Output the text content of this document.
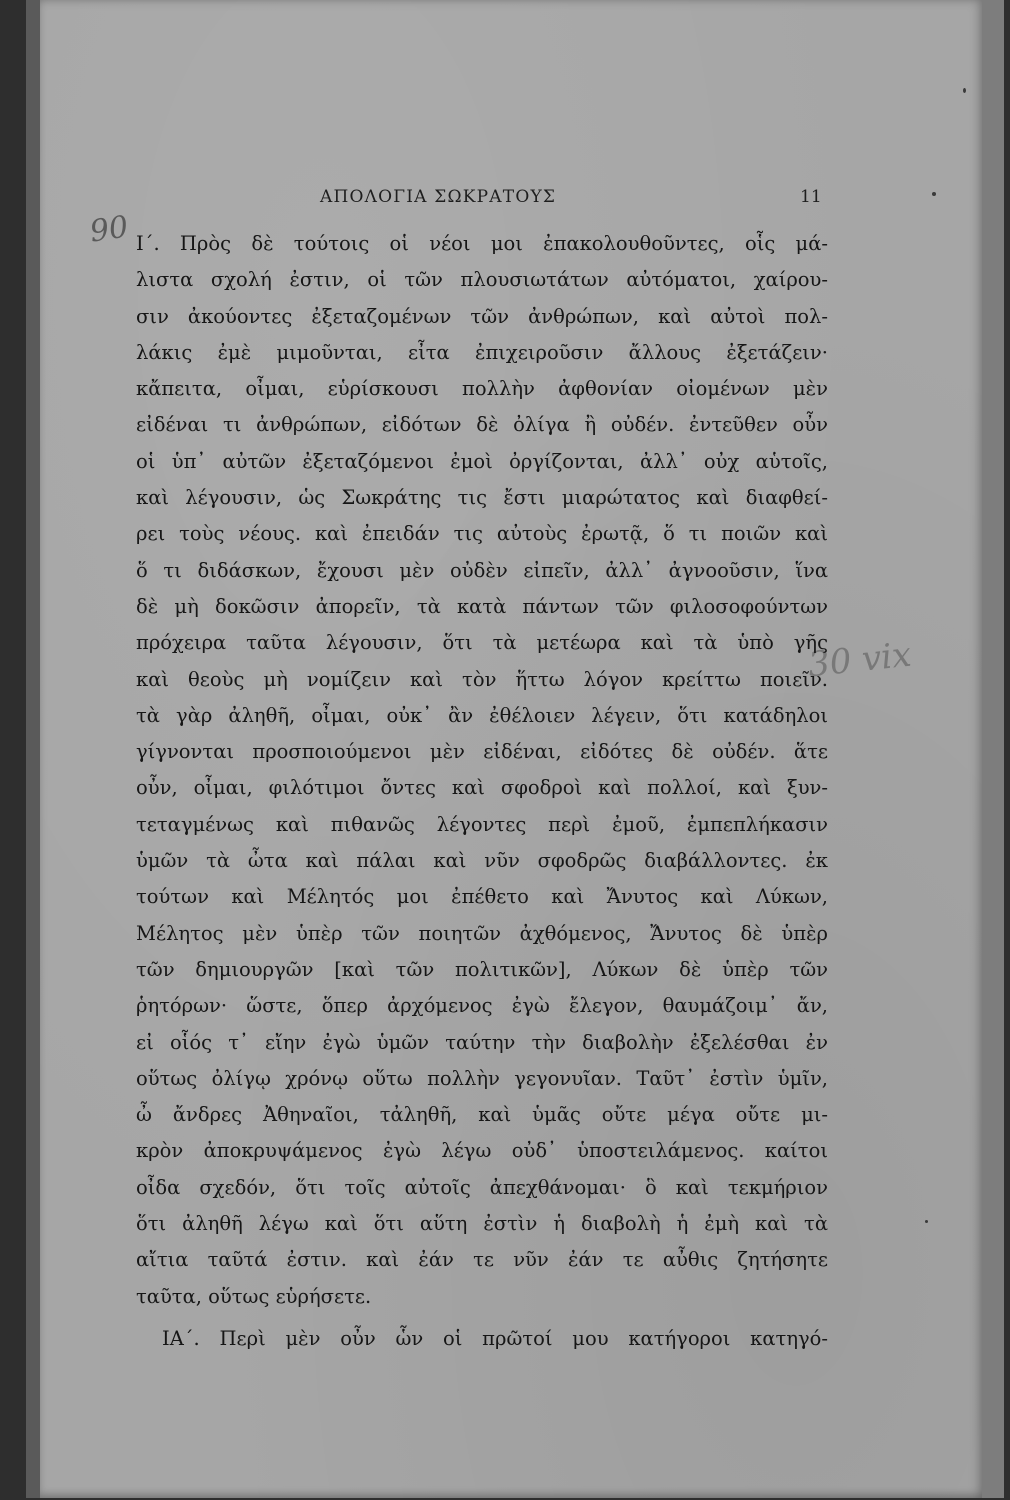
ΑΠΟΛΟΓΙΑ ΣΩΚΡΑΤΟΥΣ	11
90
30 vix
Ι΄. Πρὸς δὲ τούτοις οἱ νέοι μοι ἐπακολουθοῦντες, οἷς μά-
λιστα σχολή ἐστιν, οἱ τῶν πλουσιωτάτων αὐτόματοι, χαίρου-
σιν ἀκούοντες ἐξεταζομένων τῶν ἀνθρώπων, καὶ αὐτοὶ πολ-
λάκις ἐμὲ μιμοῦνται, εἶτα ἐπιχειροῦσιν ἄλλους ἐξετάζειν·
κἄπειτα, οἶμαι, εὑρίσκουσι πολλὴν ἀφθονίαν οἰομένων μὲν
εἰδέναι τι ἀνθρώπων, εἰδότων δὲ ὀλίγα ἢ οὐδέν. ἐντεῦθεν οὖν
οἱ ὑπ᾿ αὐτῶν ἐξεταζόμενοι ἐμοὶ ὀργίζονται, ἀλλ᾿ οὐχ αὑτοῖς,
καὶ λέγουσιν, ὡς Σωκράτης τις ἔστι μιαρώτατος καὶ διαφθεί-
ρει τοὺς νέους. καὶ ἐπειδάν τις αὐτοὺς ἐρωτᾷ, ὅ τι ποιῶν καὶ
ὅ τι διδάσκων, ἔχουσι μὲν οὐδὲν εἰπεῖν, ἀλλ᾿ ἀγνοοῦσιν, ἵνα
δὲ μὴ δοκῶσιν ἀπορεῖν, τὰ κατὰ πάντων τῶν φιλοσοφούντων
πρόχειρα ταῦτα λέγουσιν, ὅτι τὰ μετέωρα καὶ τὰ ὑπὸ γῆς
καὶ θεοὺς μὴ νομίζειν καὶ τὸν ἥττω λόγον κρείττω ποιεῖν.
τὰ γὰρ ἀληθῆ, οἶμαι, οὐκ᾿ ἂν ἐθέλοιεν λέγειν, ὅτι κατάδηλοι
γίγνονται προσποιούμενοι μὲν εἰδέναι, εἰδότες δὲ οὐδέν. ἅτε
οὖν, οἶμαι, φιλότιμοι ὄντες καὶ σφοδροὶ καὶ πολλοί, καὶ ξυν-
τεταγμένως καὶ πιθανῶς λέγοντες περὶ ἐμοῦ, ἐμπεπλήκασιν
ὑμῶν τὰ ὦτα καὶ πάλαι καὶ νῦν σφοδρῶς διαβάλλοντες. ἐκ
τούτων καὶ Μέλητός μοι ἐπέθετο καὶ Ἄνυτος καὶ Λύκων,
Μέλητος μὲν ὑπὲρ τῶν ποιητῶν ἀχθόμενος, Ἄνυτος δὲ ὑπὲρ
τῶν δημιουργῶν [καὶ τῶν πολιτικῶν], Λύκων δὲ ὑπὲρ τῶν
ῥητόρων· ὥστε, ὅπερ ἀρχόμενος ἐγὼ ἔλεγον, θαυμάζοιμ᾿ ἄν,
εἰ οἷός τ᾿ εἴην ἐγὼ ὑμῶν ταύτην τὴν διαβολὴν ἐξελέσθαι ἐν
οὕτως ὀλίγῳ χρόνῳ οὕτω πολλὴν γεγονυῖαν. Ταῦτ᾿ ἐστὶν ὑμῖν,
ὦ ἄνδρες Ἀθηναῖοι, τἀληθῆ, καὶ ὑμᾶς οὔτε μέγα οὔτε μι-
κρὸν ἀποκρυψάμενος ἐγὼ λέγω οὐδ᾿ ὑποστειλάμενος. καίτοι
οἶδα σχεδόν, ὅτι τοῖς αὐτοῖς ἀπεχθάνομαι· ὃ καὶ τεκμήριον
ὅτι ἀληθῆ λέγω καὶ ὅτι αὕτη ἐστὶν ἡ διαβολὴ ἡ ἐμὴ καὶ τὰ
αἴτια ταῦτά ἐστιν. καὶ ἐάν τε νῦν ἐάν τε αὖθις ζητήσητε
ταῦτα, οὕτως εὑρήσετε.
ΙΑ΄. Περὶ μὲν οὖν ὧν οἱ πρῶτοί μου κατήγοροι κατηγό-
